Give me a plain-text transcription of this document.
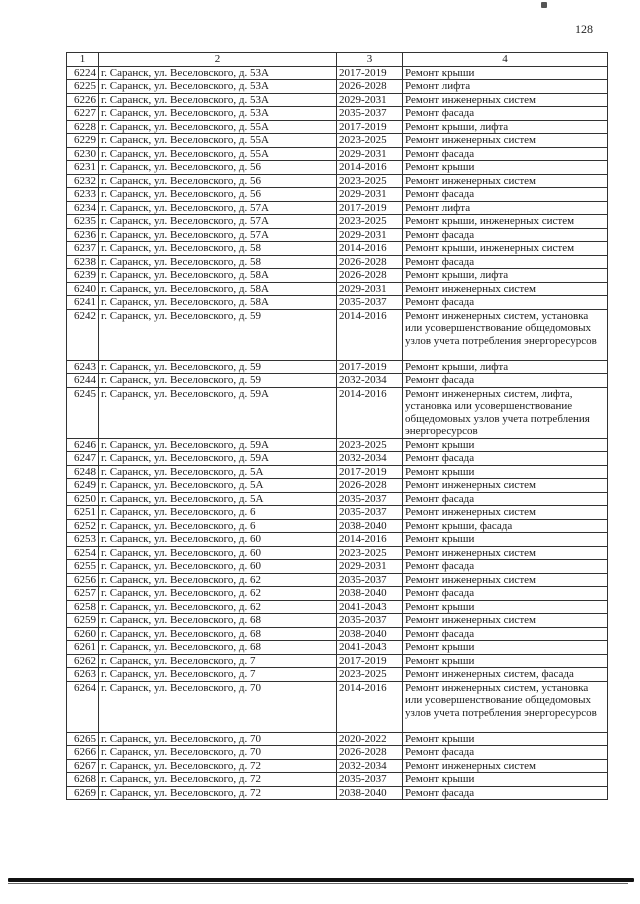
128
1	2	3	4
6224	г. Саранск, ул. Веселовского, д. 53А	2017-2019	Ремонт крыши
6225	г. Саранск, ул. Веселовского, д. 53А	2026-2028	Ремонт лифта
6226	г. Саранск, ул. Веселовского, д. 53А	2029-2031	Ремонт инженерных систем
6227	г. Саранск, ул. Веселовского, д. 53А	2035-2037	Ремонт фасада
6228	г. Саранск, ул. Веселовского, д. 55А	2017-2019	Ремонт крыши, лифта
6229	г. Саранск, ул. Веселовского, д. 55А	2023-2025	Ремонт инженерных систем
6230	г. Саранск, ул. Веселовского, д. 55А	2029-2031	Ремонт фасада
6231	г. Саранск, ул. Веселовского, д. 56	2014-2016	Ремонт крыши
6232	г. Саранск, ул. Веселовского, д. 56	2023-2025	Ремонт инженерных систем
6233	г. Саранск, ул. Веселовского, д. 56	2029-2031	Ремонт фасада
6234	г. Саранск, ул. Веселовского, д. 57А	2017-2019	Ремонт лифта
6235	г. Саранск, ул. Веселовского, д. 57А	2023-2025	Ремонт крыши, инженерных систем
6236	г. Саранск, ул. Веселовского, д. 57А	2029-2031	Ремонт фасада
6237	г. Саранск, ул. Веселовского, д. 58	2014-2016	Ремонт крыши, инженерных систем
6238	г. Саранск, ул. Веселовского, д. 58	2026-2028	Ремонт фасада
6239	г. Саранск, ул. Веселовского, д. 58А	2026-2028	Ремонт крыши, лифта
6240	г. Саранск, ул. Веселовского, д. 58А	2029-2031	Ремонт инженерных систем
6241	г. Саранск, ул. Веселовского, д. 58А	2035-2037	Ремонт фасада
6242	г. Саранск, ул. Веселовского, д. 59	2014-2016	Ремонт инженерных систем, установка или усовершенствование общедомовых узлов учета потребления энергоресурсов
6243	г. Саранск, ул. Веселовского, д. 59	2017-2019	Ремонт крыши, лифта
6244	г. Саранск, ул. Веселовского, д. 59	2032-2034	Ремонт фасада
6245	г. Саранск, ул. Веселовского, д. 59А	2014-2016	Ремонт инженерных систем, лифта, установка или усовершенствование общедомовых узлов учета потребления энергоресурсов
6246	г. Саранск, ул. Веселовского, д. 59А	2023-2025	Ремонт крыши
6247	г. Саранск, ул. Веселовского, д. 59А	2032-2034	Ремонт фасада
6248	г. Саранск, ул. Веселовского, д. 5А	2017-2019	Ремонт крыши
6249	г. Саранск, ул. Веселовского, д. 5А	2026-2028	Ремонт инженерных систем
6250	г. Саранск, ул. Веселовского, д. 5А	2035-2037	Ремонт фасада
6251	г. Саранск, ул. Веселовского, д. 6	2035-2037	Ремонт инженерных систем
6252	г. Саранск, ул. Веселовского, д. 6	2038-2040	Ремонт крыши, фасада
6253	г. Саранск, ул. Веселовского, д. 60	2014-2016	Ремонт крыши
6254	г. Саранск, ул. Веселовского, д. 60	2023-2025	Ремонт инженерных систем
6255	г. Саранск, ул. Веселовского, д. 60	2029-2031	Ремонт фасада
6256	г. Саранск, ул. Веселовского, д. 62	2035-2037	Ремонт инженерных систем
6257	г. Саранск, ул. Веселовского, д. 62	2038-2040	Ремонт фасада
6258	г. Саранск, ул. Веселовского, д. 62	2041-2043	Ремонт крыши
6259	г. Саранск, ул. Веселовского, д. 68	2035-2037	Ремонт инженерных систем
6260	г. Саранск, ул. Веселовского, д. 68	2038-2040	Ремонт фасада
6261	г. Саранск, ул. Веселовского, д. 68	2041-2043	Ремонт крыши
6262	г. Саранск, ул. Веселовского, д. 7	2017-2019	Ремонт крыши
6263	г. Саранск, ул. Веселовского, д. 7	2023-2025	Ремонт инженерных систем, фасада
6264	г. Саранск, ул. Веселовского, д. 70	2014-2016	Ремонт инженерных систем, установка или усовершенствование общедомовых узлов учета потребления энергоресурсов
6265	г. Саранск, ул. Веселовского, д. 70	2020-2022	Ремонт крыши
6266	г. Саранск, ул. Веселовского, д. 70	2026-2028	Ремонт фасада
6267	г. Саранск, ул. Веселовского, д. 72	2032-2034	Ремонт инженерных систем
6268	г. Саранск, ул. Веселовского, д. 72	2035-2037	Ремонт крыши
6269	г. Саранск, ул. Веселовского, д. 72	2038-2040	Ремонт фасада
